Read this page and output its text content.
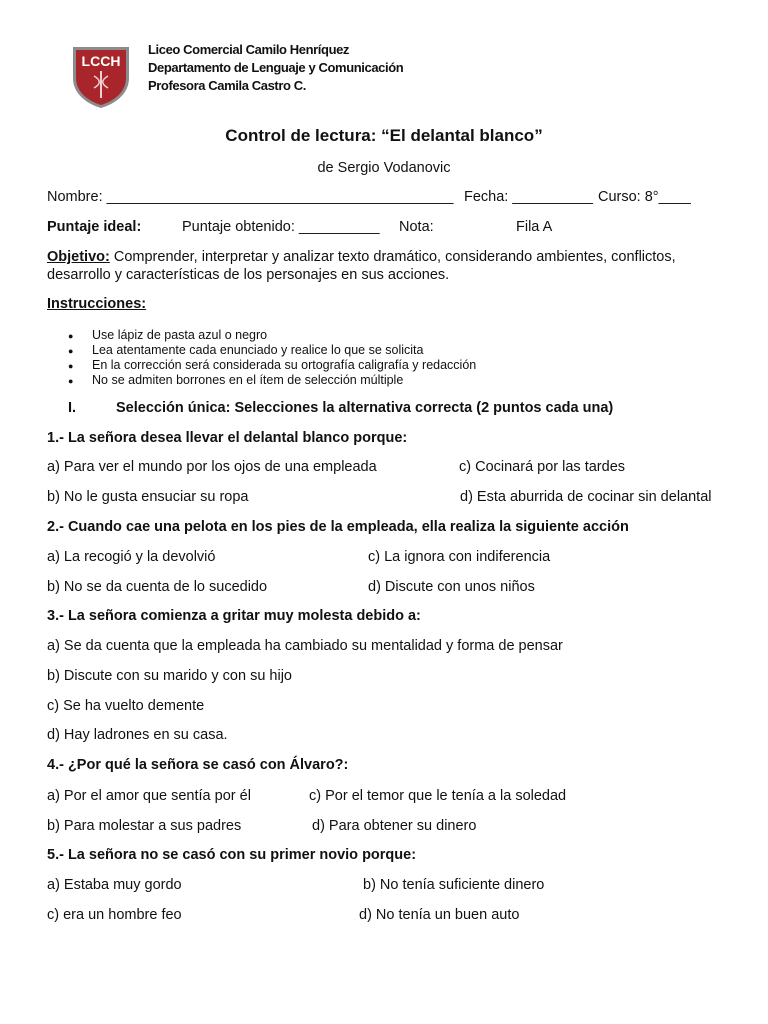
LCCH
Liceo Comercial Camilo Henríquez
Departamento de Lenguaje y Comunicación
Profesora Camila Castro C.
Control de lectura: “El delantal blanco”
de Sergio Vodanovic
Nombre: ___________________________________________ Fecha: __________ Curso: 8°____
Puntaje ideal:	Puntaje obtenido: __________ Nota:	Fila A
Objetivo: Comprender, interpretar y analizar texto dramático, considerando ambientes, conflictos,
desarrollo y características de los personajes en sus acciones.
Instrucciones:
● Use lápiz de pasta azul o negro
● Lea atentamente cada enunciado y realice lo que se solicita
● En la corrección será considerada su ortografía caligrafía y redacción
● No se admiten borrones en el ítem de selección múltiple
I.	Selección única: Selecciones la alternativa correcta (2 puntos cada una)
1.- La señora desea llevar el delantal blanco porque:
a) Para ver el mundo por los ojos de una empleada	c) Cocinará por las tardes
b) No le gusta ensuciar su ropa	d) Esta aburrida de cocinar sin delantal
2.- Cuando cae una pelota en los pies de la empleada, ella realiza la siguiente acción
a) La recogió y la devolvió	c) La ignora con indiferencia
b) No se da cuenta de lo sucedido	d) Discute con unos niños
3.- La señora comienza a gritar muy molesta debido a:
a) Se da cuenta que la empleada ha cambiado su mentalidad y forma de pensar
b) Discute con su marido y con su hijo
c) Se ha vuelto demente
d) Hay ladrones en su casa.
4.- ¿Por qué la señora se casó con Álvaro?:
a) Por el amor que sentía por él	c) Por el temor que le tenía a la soledad
b) Para molestar a sus padres	d) Para obtener su dinero
5.- La señora no se casó con su primer novio porque:
a) Estaba muy gordo	b) No tenía suficiente dinero
c) era un hombre feo	d) No tenía un buen auto
